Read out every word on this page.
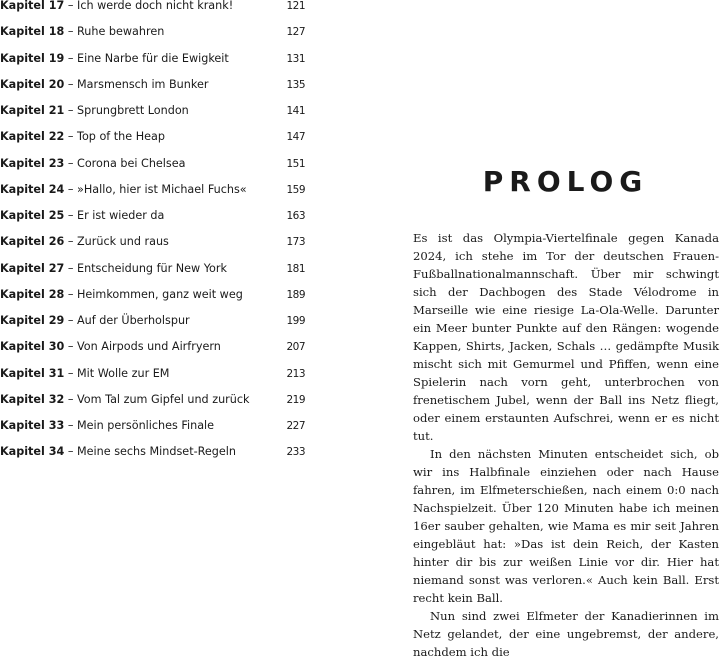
Kapitel 17 – Ich werde doch nicht krank!	121
Kapitel 18 – Ruhe bewahren	127
Kapitel 19 – Eine Narbe für die Ewigkeit	131
Kapitel 20 – Marsmensch im Bunker	135
Kapitel 21 – Sprungbrett London	141
Kapitel 22 – Top of the Heap	147
Kapitel 23 – Corona bei Chelsea	151
Kapitel 24 – »Hallo, hier ist Michael Fuchs«	159
Kapitel 25 – Er ist wieder da	163
Kapitel 26 – Zurück und raus	173
Kapitel 27 – Entscheidung für New York	181
Kapitel 28 – Heimkommen, ganz weit weg	189
Kapitel 29 – Auf der Überholspur	199
Kapitel 30 – Von Airpods und Airfryern	207
Kapitel 31 – Mit Wolle zur EM	213
Kapitel 32 – Vom Tal zum Gipfel und zurück	219
Kapitel 33 – Mein persönliches Finale	227
Kapitel 34 – Meine sechs Mindset-Regeln	233
PROLOG

Es ist das Olympia-Viertelfinale gegen Kanada 2024, ich stehe im Tor der deutschen Frauen-Fußballnationalmannschaft. Über mir schwingt sich der Dachbogen des Stade Vélodrome in Marseille wie eine riesige La-Ola-Welle. Darunter ein Meer bunter Punkte auf den Rängen: wogende Kappen, Shirts, Jacken, Schals … gedämpfte Musik mischt sich mit Gemurmel und Pfiffen, wenn eine Spielerin nach vorn geht, unterbrochen von frenetischem Jubel, wenn der Ball ins Netz fliegt, oder einem erstaunten Aufschrei, wenn er es nicht tut.

In den nächsten Minuten entscheidet sich, ob wir ins Halbfinale einziehen oder nach Hause fahren, im Elfmeterschießen, nach einem 0:0 nach Nachspielzeit. Über 120 Minuten habe ich meinen 16er sauber gehalten, wie Mama es mir seit Jahren eingebläut hat: »Das ist dein Reich, der Kasten hinter dir bis zur weißen Linie vor dir. Hier hat niemand sonst was verloren.« Auch kein Ball. Erst recht kein Ball.

Nun sind zwei Elfmeter der Kanadierinnen im Netz gelandet, der eine ungebremst, der andere, nachdem ich die
